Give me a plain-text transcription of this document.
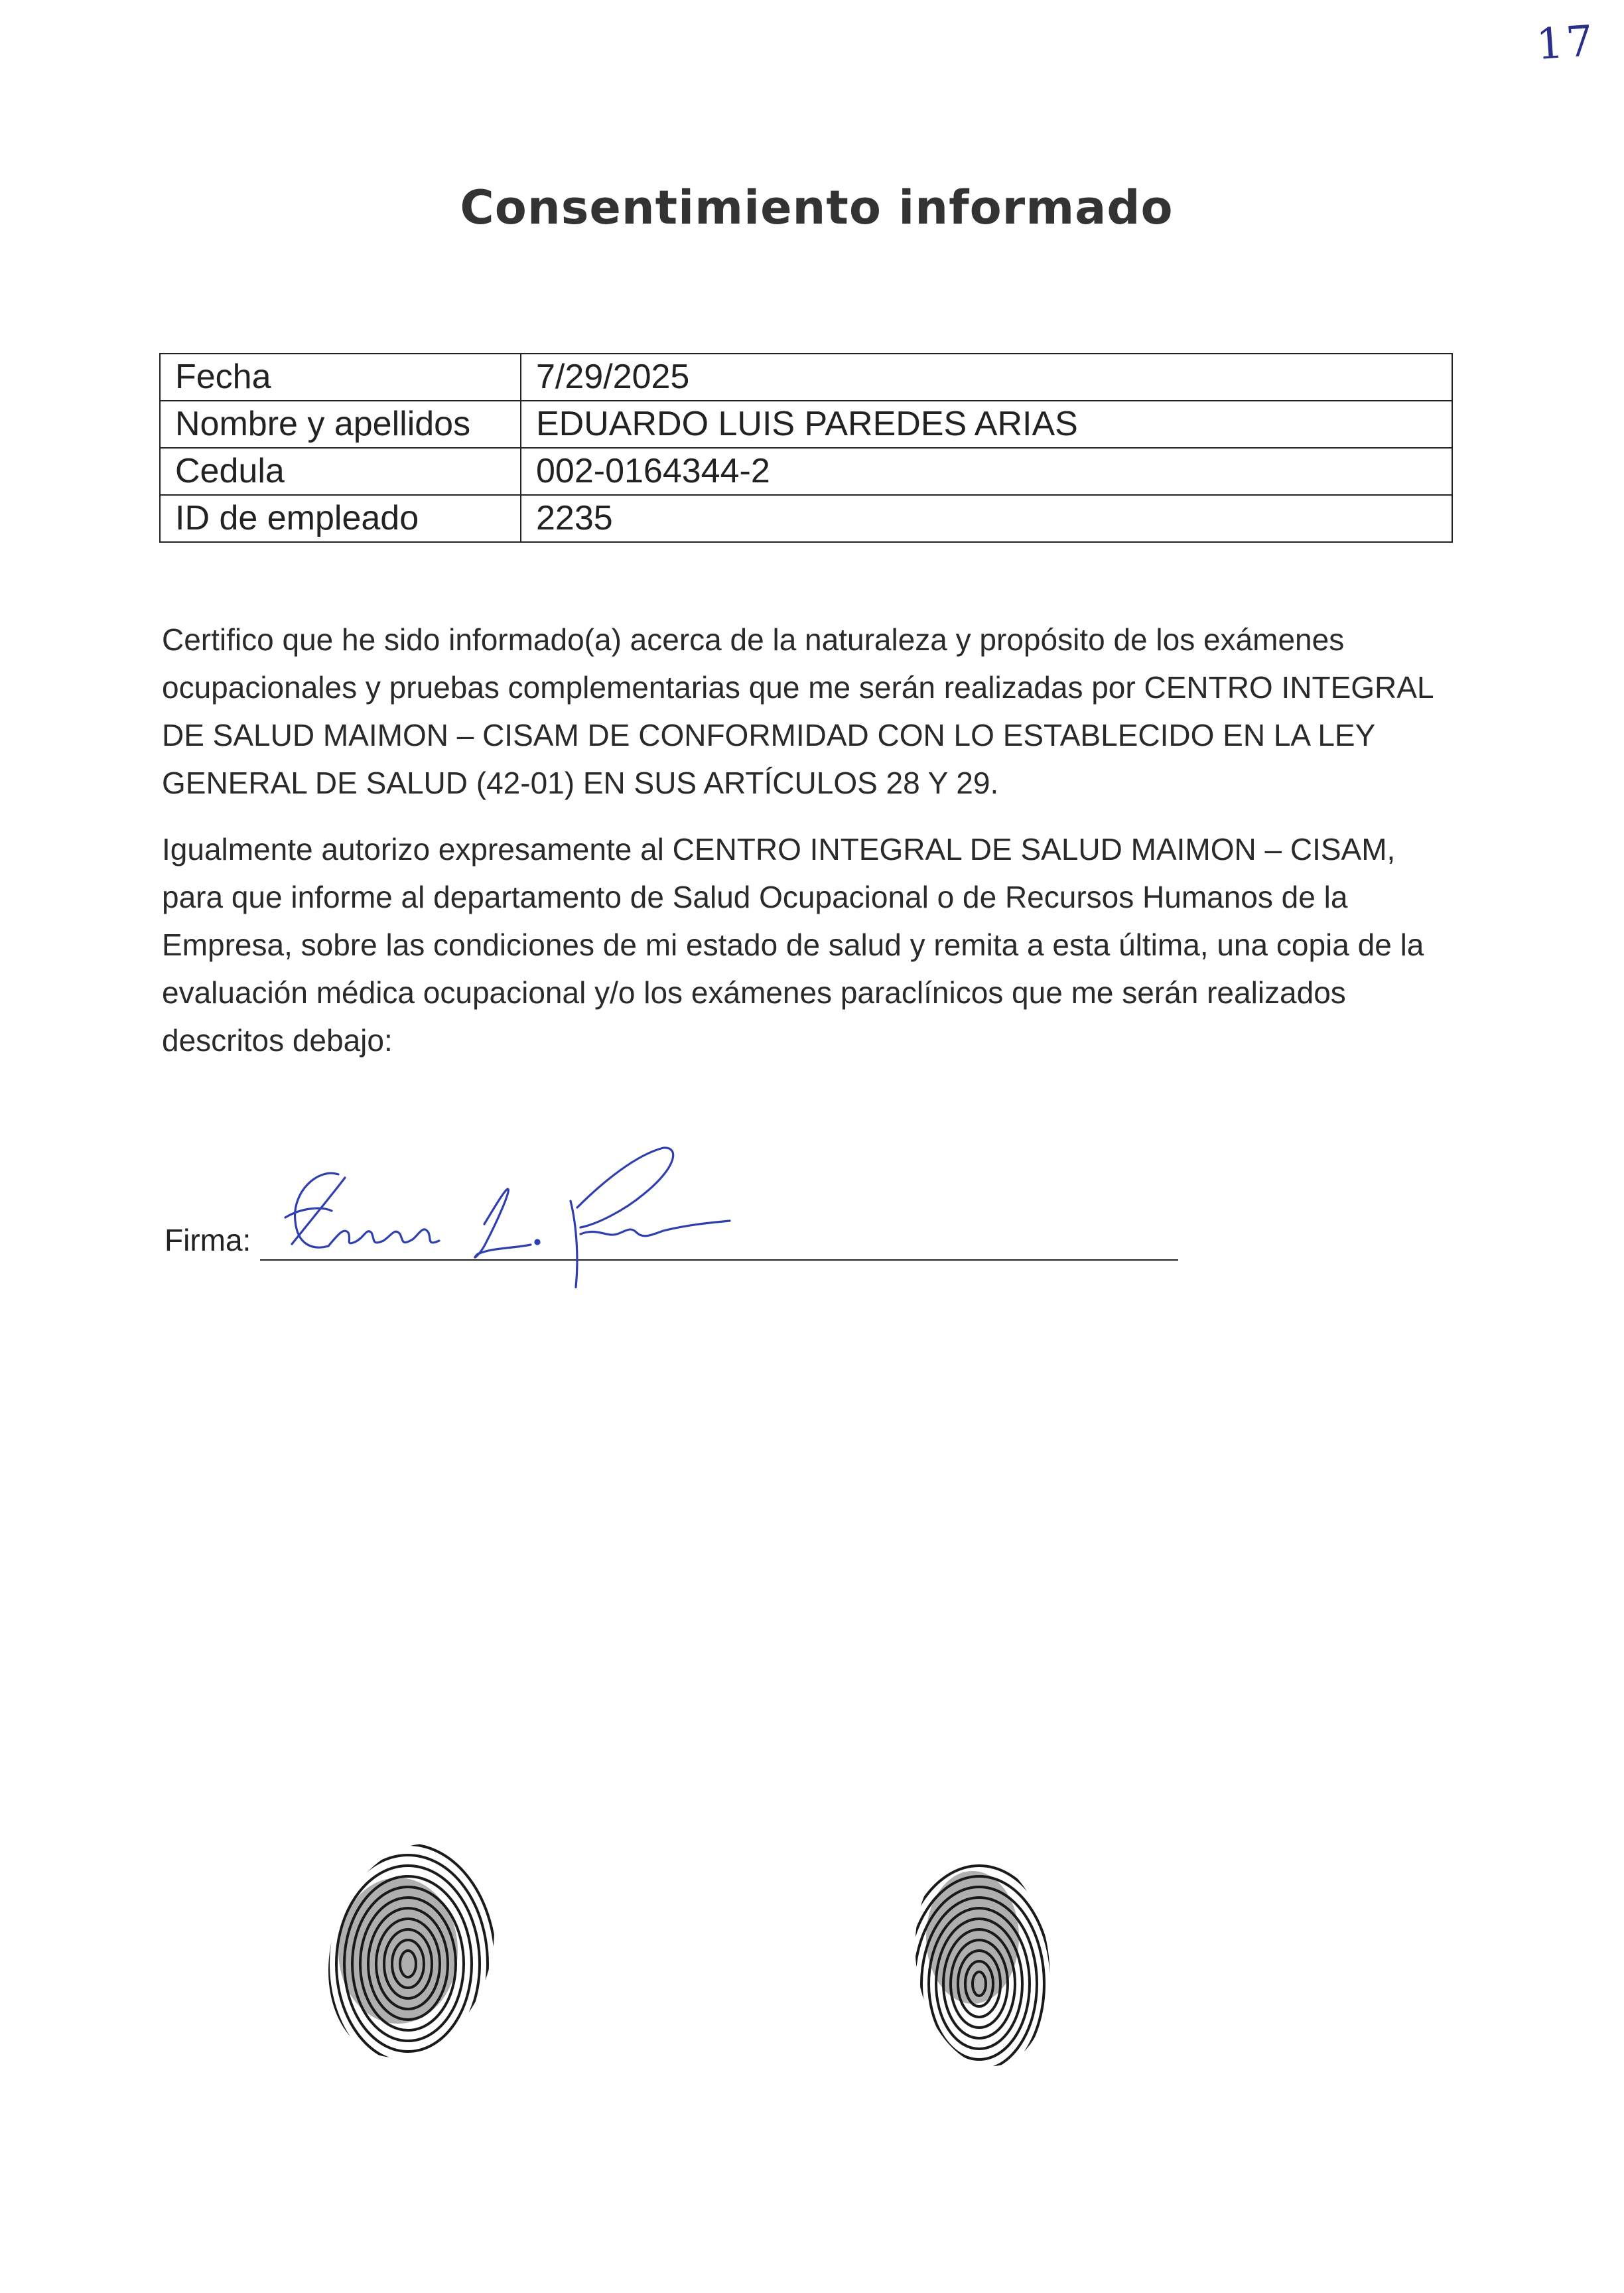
17
Consentimiento informado
Fecha	7/29/2025
Nombre y apellidos	EDUARDO LUIS PAREDES ARIAS
Cedula	002-0164344-2
ID de empleado	2235

Certifico que he sido informado(a) acerca de la naturaleza y propósito de los exámenes ocupacionales y pruebas complementarias que me serán realizadas por CENTRO INTEGRAL DE SALUD MAIMON – CISAM DE CONFORMIDAD CON LO ESTABLECIDO EN LA LEY GENERAL DE SALUD (42-01) EN SUS ARTÍCULOS 28 Y 29.

Igualmente autorizo expresamente al CENTRO INTEGRAL DE SALUD MAIMON – CISAM, para que informe al departamento de Salud Ocupacional o de Recursos Humanos de la Empresa, sobre las condiciones de mi estado de salud y remita a esta última, una copia de la evaluación médica ocupacional y/o los exámenes paraclínicos que me serán realizados descritos debajo:

Firma:
